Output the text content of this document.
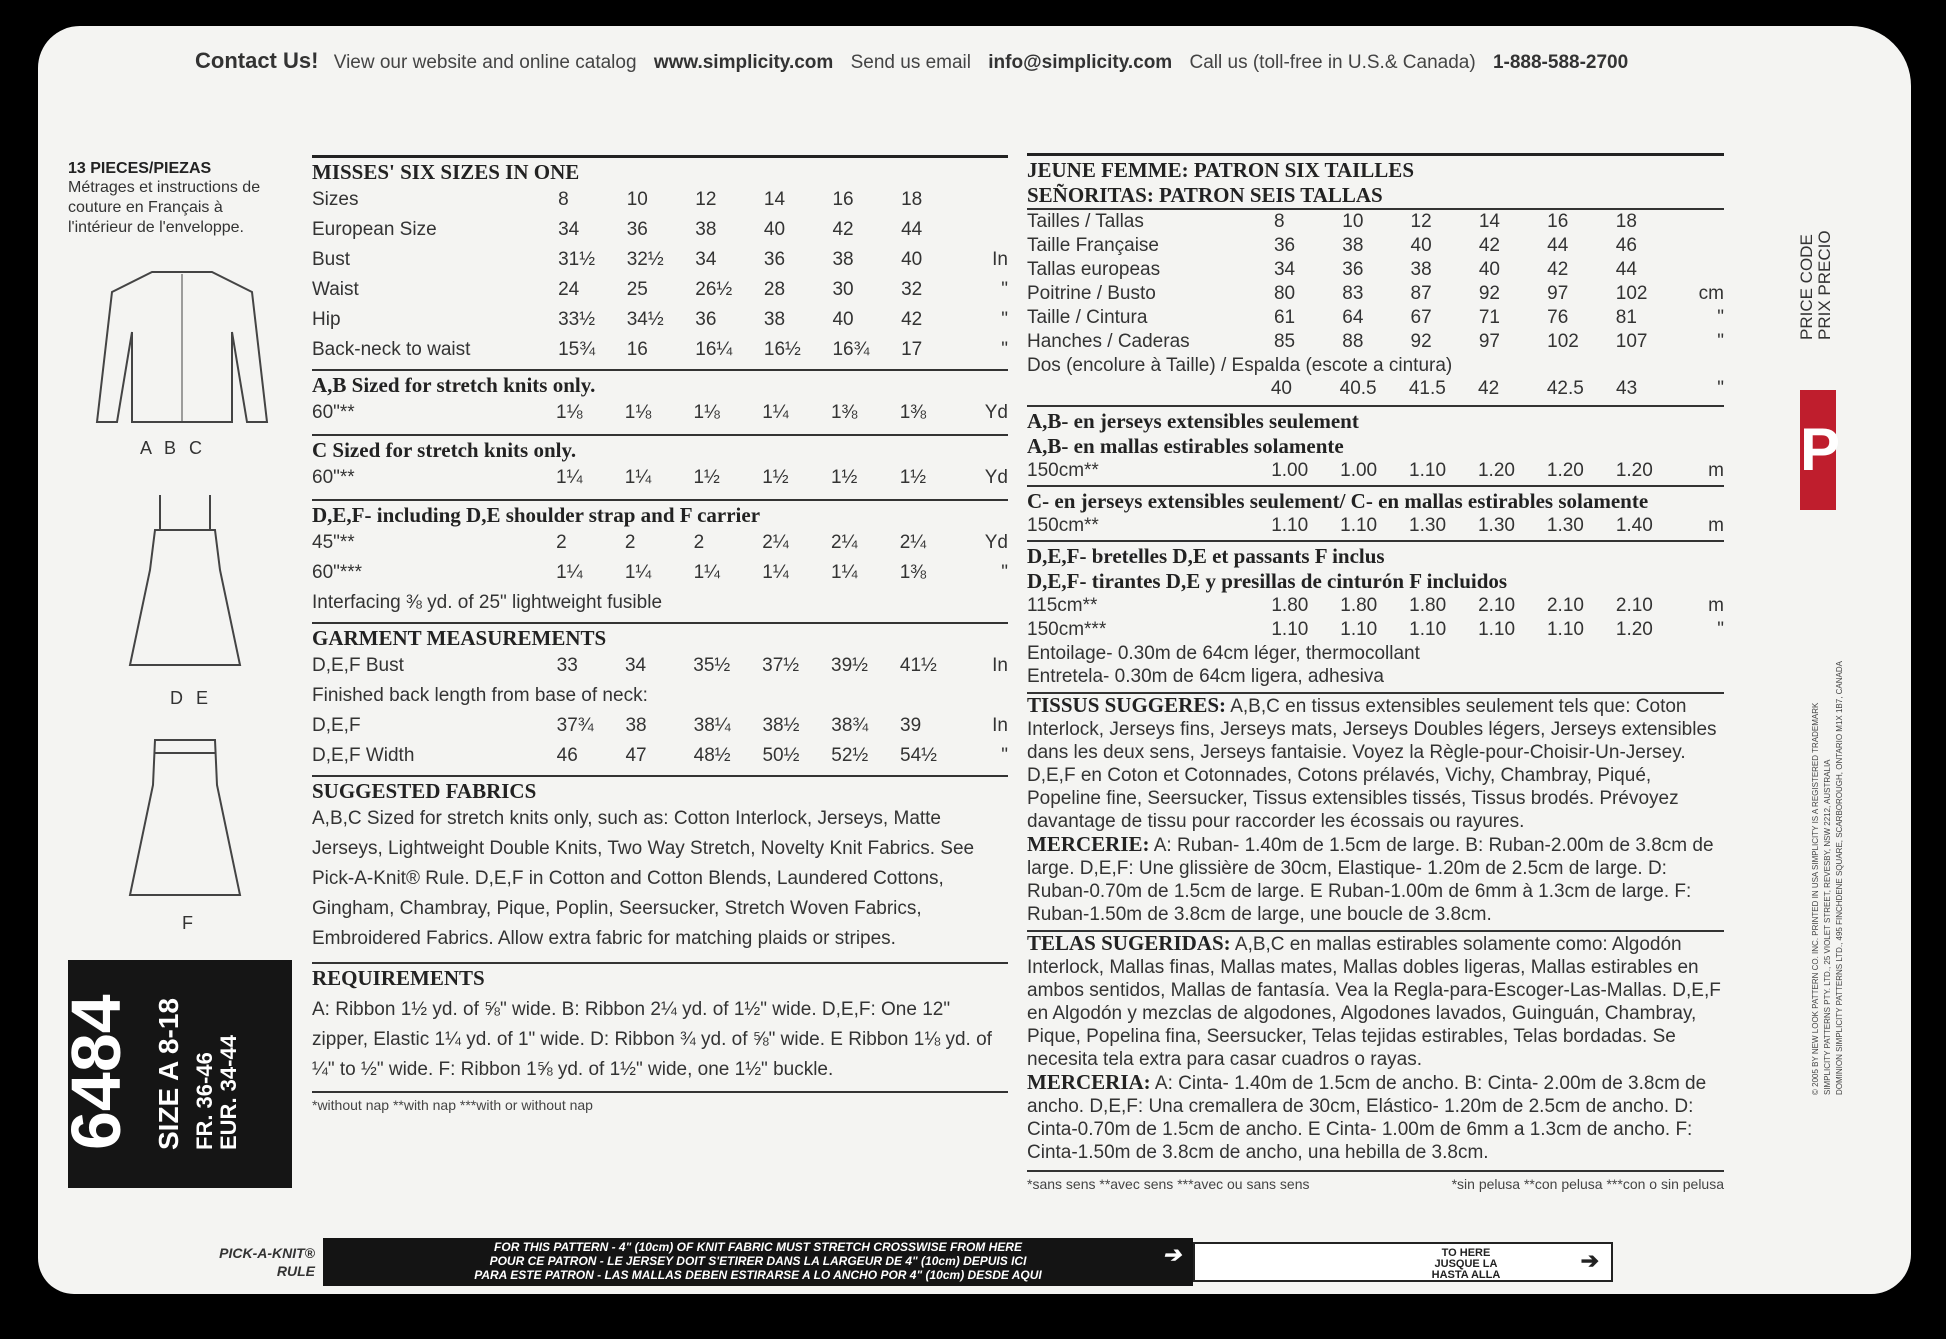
Contact Us! View our website and online catalog www.simplicity.com Send us email info@simplicity.com Call us (toll-free in U.S.& Canada) 1-888-588-2700
13 PIECES/PIEZAS
Métrages et instructions de couture en Français à l'intérieur de l'enveloppe.
A B C
D E
F
6484 SIZE A 8-18 FR. 36-46
EUR. 34-44
MISSES' SIX SIZES IN ONE
Sizes	8	10	12	14	16	18	
European Size	34	36	38	40	42	44	
Bust	31½	32½	34	36	38	40	In
Waist	24	25	26½	28	30	32	"
Hip	33½	34½	36	38	40	42	"
Back-neck to waist	15¾	16	16¼	16½	16¾	17	"
A,B Sized for stretch knits only.
60"**	1⅛	1⅛	1⅛	1¼	1⅜	1⅜	Yd
C Sized for stretch knits only.
60"**	1¼	1¼	1½	1½	1½	1½	Yd
D,E,F- including D,E shoulder strap and F carrier
45"**	2	2	2	2¼	2¼	2¼	Yd
60"***	1¼	1¼	1¼	1¼	1¼	1⅜	"
Interfacing ⅜ yd. of 25" lightweight fusible
GARMENT MEASUREMENTS
D,E,F Bust	33	34	35½	37½	39½	41½	In
Finished back length from base of neck:
D,E,F	37¾	38	38¼	38½	38¾	39	In
D,E,F Width	46	47	48½	50½	52½	54½	"
SUGGESTED FABRICS
A,B,C Sized for stretch knits only, such as: Cotton Interlock, Jerseys, Matte Jerseys, Lightweight Double Knits, Two Way Stretch, Novelty Knit Fabrics. See Pick-A-Knit® Rule. D,E,F in Cotton and Cotton Blends, Laundered Cottons, Gingham, Chambray, Pique, Poplin, Seersucker, Stretch Woven Fabrics, Embroidered Fabrics. Allow extra fabric for matching plaids or stripes.
REQUIREMENTS
A: Ribbon 1½ yd. of ⅝" wide. B: Ribbon 2¼ yd. of 1½" wide. D,E,F: One 12" zipper, Elastic 1¼ yd. of 1" wide. D: Ribbon ¾ yd. of ⅝" wide. E Ribbon 1⅛ yd. of ¼" to ½" wide. F: Ribbon 1⅝ yd. of 1½" wide, one 1½" buckle.
*without nap **with nap ***with or without nap
JEUNE FEMME: PATRON SIX TAILLES
SEÑORITAS: PATRON SEIS TALLAS
Tailles / Tallas	8	10	12	14	16	18	
Taille Française	36	38	40	42	44	46	
Tallas europeas	34	36	38	40	42	44	
Poitrine / Busto	80	83	87	92	97	102	cm
Taille / Cintura	61	64	67	71	76	81	"
Hanches / Caderas	85	88	92	97	102	107	"
Dos (encolure à Taille) / Espalda (escote a cintura)
	40	40.5	41.5	42	42.5	43	"
A,B- en jerseys extensibles seulement
A,B- en mallas estirables solamente
150cm**	1.00	1.00	1.10	1.20	1.20	1.20	m
C- en jerseys extensibles seulement/ C- en mallas estirables solamente
150cm**	1.10	1.10	1.30	1.30	1.30	1.40	m
D,E,F- bretelles D,E et passants F inclus
D,E,F- tirantes D,E y presillas de cinturón F incluidos
115cm**	1.80	1.80	1.80	2.10	2.10	2.10	m
150cm***	1.10	1.10	1.10	1.10	1.10	1.20	"
Entoilage- 0.30m de 64cm léger, thermocollant
Entretela- 0.30m de 64cm ligera, adhesiva
TISSUS SUGGERES: A,B,C en tissus extensibles seulement tels que: Coton Interlock, Jerseys fins, Jerseys mats, Jerseys Doubles légers, Jerseys extensibles dans les deux sens, Jerseys fantaisie. Voyez la Règle-pour-Choisir-Un-Jersey. D,E,F en Coton et Cotonnades, Cotons prélavés, Vichy, Chambray, Piqué, Popeline fine, Seersucker, Tissus extensibles tissés, Tissus brodés. Prévoyez davantage de tissu pour raccorder les écossais ou rayures.
MERCERIE: A: Ruban- 1.40m de 1.5cm de large. B: Ruban-2.00m de 3.8cm de large. D,E,F: Une glissière de 30cm, Elastique- 1.20m de 2.5cm de large. D: Ruban-0.70m de 1.5cm de large. E Ruban-1.00m de 6mm à 1.3cm de large. F: Ruban-1.50m de 3.8cm de large, une boucle de 3.8cm.
TELAS SUGERIDAS: A,B,C en mallas estirables solamente como: Algodón Interlock, Mallas finas, Mallas mates, Mallas dobles ligeras, Mallas estirables en ambos sentidos, Mallas de fantasía. Vea la Regla-para-Escoger-Las-Mallas. D,E,F en Algodón y mezclas de algodones, Algodones lavados, Guinguán, Chambray, Pique, Popelina fina, Seersucker, Telas tejidas estirables, Telas bordadas. Se necesita tela extra para casar cuadros o rayas.
MERCERIA: A: Cinta- 1.40m de 1.5cm de ancho. B: Cinta- 2.00m de 3.8cm de ancho. D,E,F: Una cremallera de 30cm, Elástico- 1.20m de 2.5cm de ancho. D: Cinta-0.70m de 1.5cm de ancho. E Cinta- 1.00m de 6mm a 1.3cm de ancho. F: Cinta-1.50m de 3.8cm de ancho, una hebilla de 3.8cm.
*sans sens **avec sens ***avec ou sans sens	*sin pelusa **con pelusa ***con o sin pelusa
PICK-A-KNIT® RULE
FOR THIS PATTERN - 4" (10cm) OF KNIT FABRIC MUST STRETCH CROSSWISE FROM HERE
POUR CE PATRON - LE JERSEY DOIT S'ETIRER DANS LA LARGEUR DE 4" (10cm) DEPUIS ICI
PARA ESTE PATRON - LAS MALLAS DEBEN ESTIRARSE A LO ANCHO POR 4" (10cm) DESDE AQUI
➔	TO HERE JUSQUE LA HASTA ALLA
➔
PRICE CODE PRIX PRECIO
P
© 2005 BY NEW LOOK PATTERN CO. INC. PRINTED IN USA SIMPLICITY IS A REGISTERED TRADEMARK SIMPLICITY PATTERNS PTY. LTD., 25 VIOLET STREET, REVESBY, NSW 2212, AUSTRALIA DOMINION SIMPLICITY PATTERNS LTD., 495 FINCHDENE SQUARE, SCARBOROUGH, ONTARIO M1X 1B7, CANADA
